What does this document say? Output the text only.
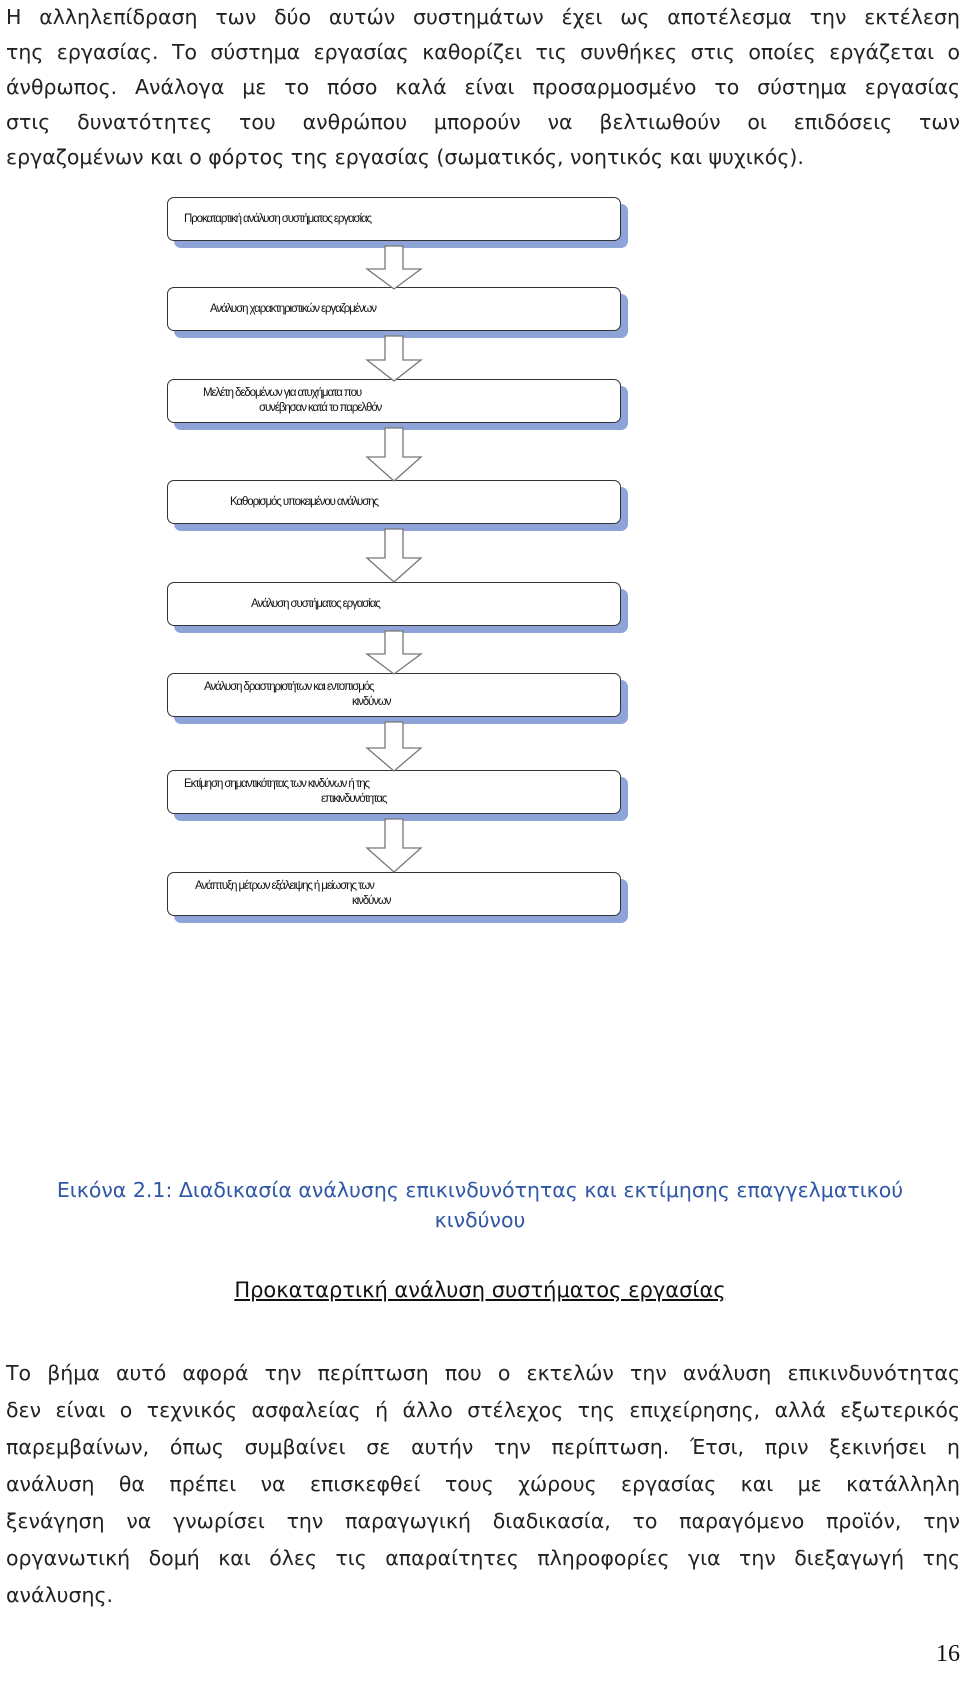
Η αλληλεπίδραση των δύο αυτών συστημάτων έχει ως αποτέλεσμα την εκτέλεση
της εργασίας. Το σύστημα εργασίας καθορίζει τις συνθήκες στις οποίες εργάζεται ο
άνθρωπος. Ανάλογα με το πόσο καλά είναι προσαρμοσμένο το σύστημα εργασίας
στις δυνατότητες του ανθρώπου μπορούν να βελτιωθούν οι επιδόσεις των
εργαζομένων και ο φόρτος της εργασίας (σωματικός, νοητικός και ψυχικός).
Προκαταρτική ανάλυση συστήματος εργασίας
Ανάλυση χαρακτηριστικών εργαζομένων
Μελέτη δεδομένων για ατυχήματα που
συνέβησαν κατά το παρελθόν
Καθορισμός υποκειμένου ανάλυσης
Ανάλυση συστήματος εργασίας
Ανάλυση δραστηριοτήτων και εντοπισμός
κινδύνων
Εκτίμηση σημαντικότητας των κινδύνων ή της
επικινδυνότητας
Ανάπτυξη μέτρων εξάλειψης ή μείωσης των
κινδύνων
Εικόνα 2.1: Διαδικασία ανάλυσης επικινδυνότητας και εκτίμησης επαγγελματικού
κινδύνου
Προκαταρτική ανάλυση συστήματος εργασίας
Το βήμα αυτό αφορά την περίπτωση που ο εκτελών την ανάλυση επικινδυνότητας
δεν είναι ο τεχνικός ασφαλείας ή άλλο στέλεχος της επιχείρησης, αλλά εξωτερικός
παρεμβαίνων, όπως συμβαίνει σε αυτήν την περίπτωση. Έτσι, πριν ξεκινήσει η
ανάλυση θα πρέπει να επισκεφθεί τους χώρους εργασίας και με κατάλληλη
ξενάγηση να γνωρίσει την παραγωγική διαδικασία, το παραγόμενο προϊόν, την
οργανωτική δομή και όλες τις απαραίτητες πληροφορίες για την διεξαγωγή της
ανάλυσης.
16
